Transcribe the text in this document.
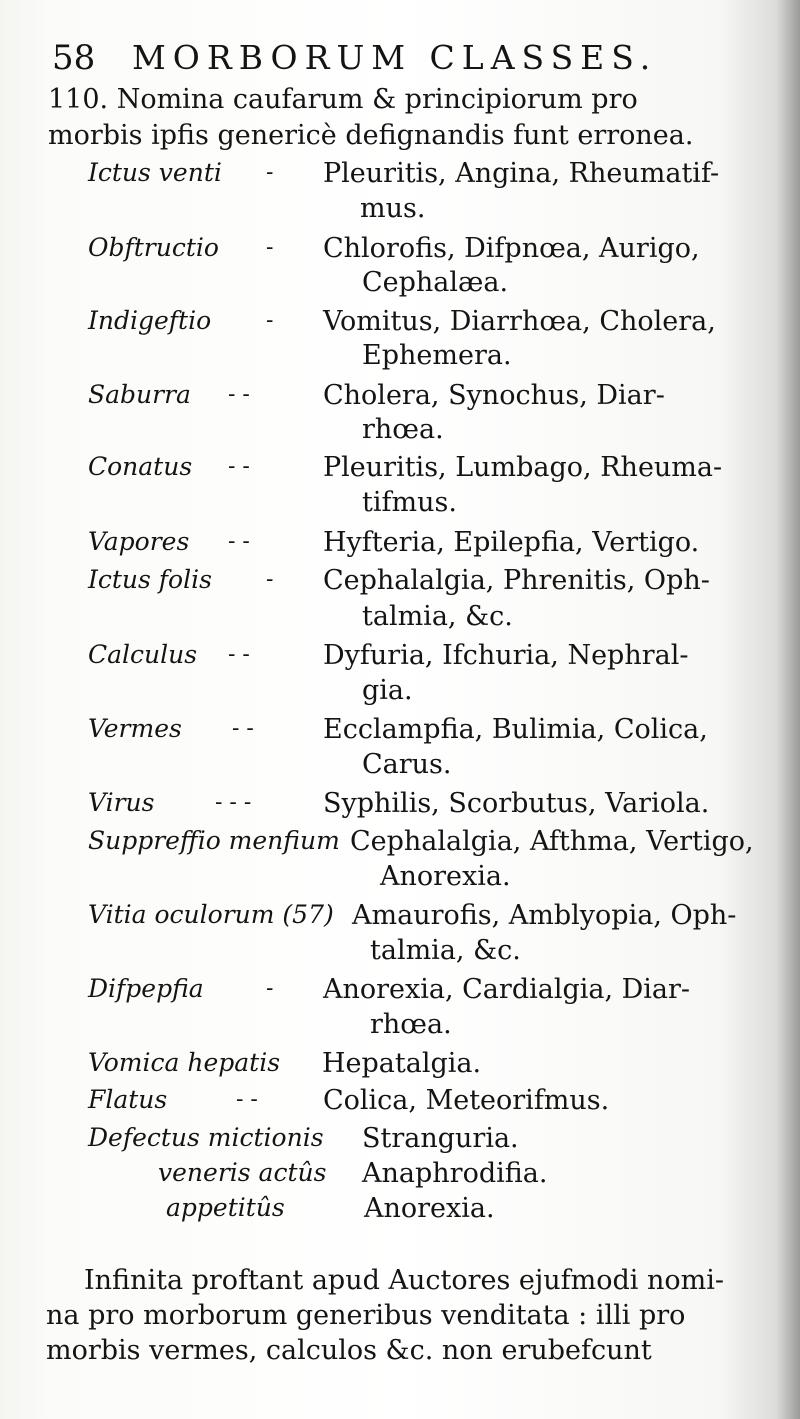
58 MORBORUM CLASSES.
110. Nomina caufarum & principiorum pro
morbis ipfis genericè defignandis funt erronea.
Ictus venti - Pleuritis, Angina, Rheumatif-
mus.
Obftructio - Chlorofis, Difpnœa, Aurigo,
Cephalæa.
Indigeftio - Vomitus, Diarrhœa, Cholera,
Ephemera.
Saburra - -	Cholera, Synochus, Diar-
rhœa.
Conatus - -	Pleuritis, Lumbago, Rheuma-
tifmus.
Vapores - -	Hyfteria, Epilepfia, Vertigo.
Ictus folis - Cephalalgia, Phrenitis, Oph-
talmia, &c.
Calculus - -	Dyfuria, Ifchuria, Nephral-
gia.
Vermes - -	Ecclampfia, Bulimia, Colica,
Carus.
Virus	- - -	Syphilis, Scorbutus, Variola.
Suppreffio menfium Cephalalgia, Afthma, Vertigo,
Anorexia.
Vitia oculorum (57) Amaurofis, Amblyopia, Oph-
talmia, &c.
Difpepfia	- Anorexia, Cardialgia, Diar-
rhœa.
Vomica hepatis Hepatalgia.
Flatus	- - Colica, Meteorifmus.
Defectus mictionis Stranguria.
veneris actûs Anaphrodifia.
appetitûs	Anorexia.
Infinita proftant apud Auctores ejufmodi nomi-
na pro morborum generibus venditata : illi pro
morbis vermes, calculos &c. non erubefcunt
